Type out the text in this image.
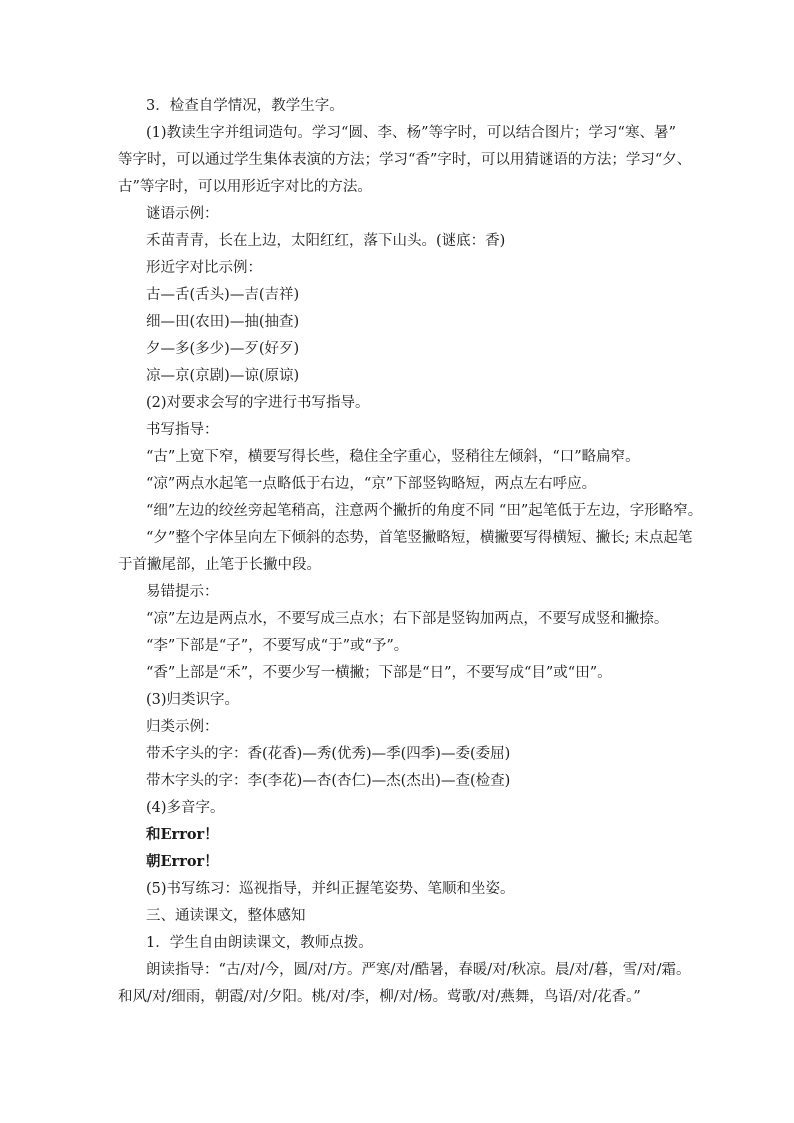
3．检查自学情况，教学生字。
(1)教读生字并组词造句。学习“圆、李、杨”等字时，可以结合图片；学习“寒、暑”
等字时，可以通过学生集体表演的方法；学习“香”字时，可以用猜谜语的方法；学习“夕、
古”等字时，可以用形近字对比的方法。
谜语示例：
禾苗青青，长在上边，太阳红红，落下山头。(谜底：香)
形近字对比示例：
古—舌(舌头)—吉(吉祥)
细—田(农田)—抽(抽查)
夕—多(多少)—歹(好歹)
凉—京(京剧)—谅(原谅)
(2)对要求会写的字进行书写指导。
书写指导：
“古”上宽下窄，横要写得长些，稳住全字重心，竖稍往左倾斜，“口”略扁窄。
“凉”两点水起笔一点略低于右边，“京”下部竖钩略短，两点左右呼应。
“细”左边的绞丝旁起笔稍高，注意两个撇折的角度不同 “田”起笔低于左边，字形略窄。
“夕”整个字体呈向左下倾斜的态势，首笔竖撇略短，横撇要写得横短、撇长; 末点起笔
于首撇尾部，止笔于长撇中段。
易错提示：
“凉”左边是两点水，不要写成三点水；右下部是竖钩加两点，不要写成竖和撇捺。
“李”下部是“子”，不要写成“于”或“予”。
“香”上部是“禾”，不要少写一横撇；下部是“日”，不要写成“目”或“田”。
(3)归类识字。
归类示例：
带禾字头的字：香(花香)—秀(优秀)—季(四季)—委(委屈)
带木字头的字：李(李花)—杏(杏仁)—杰(杰出)—查(检查)
(4)多音字。
和Error！
朝Error！
(5)书写练习：巡视指导，并纠正握笔姿势、笔顺和坐姿。
三、通读课文，整体感知
1．学生自由朗读课文，教师点拨。
朗读指导：“古/对/今，圆/对/方。严寒/对/酷暑，春暖/对/秋凉。晨/对/暮，雪/对/霜。
和风/对/细雨，朝霞/对/夕阳。桃/对/李，柳/对/杨。莺歌/对/燕舞，鸟语/对/花香。”
